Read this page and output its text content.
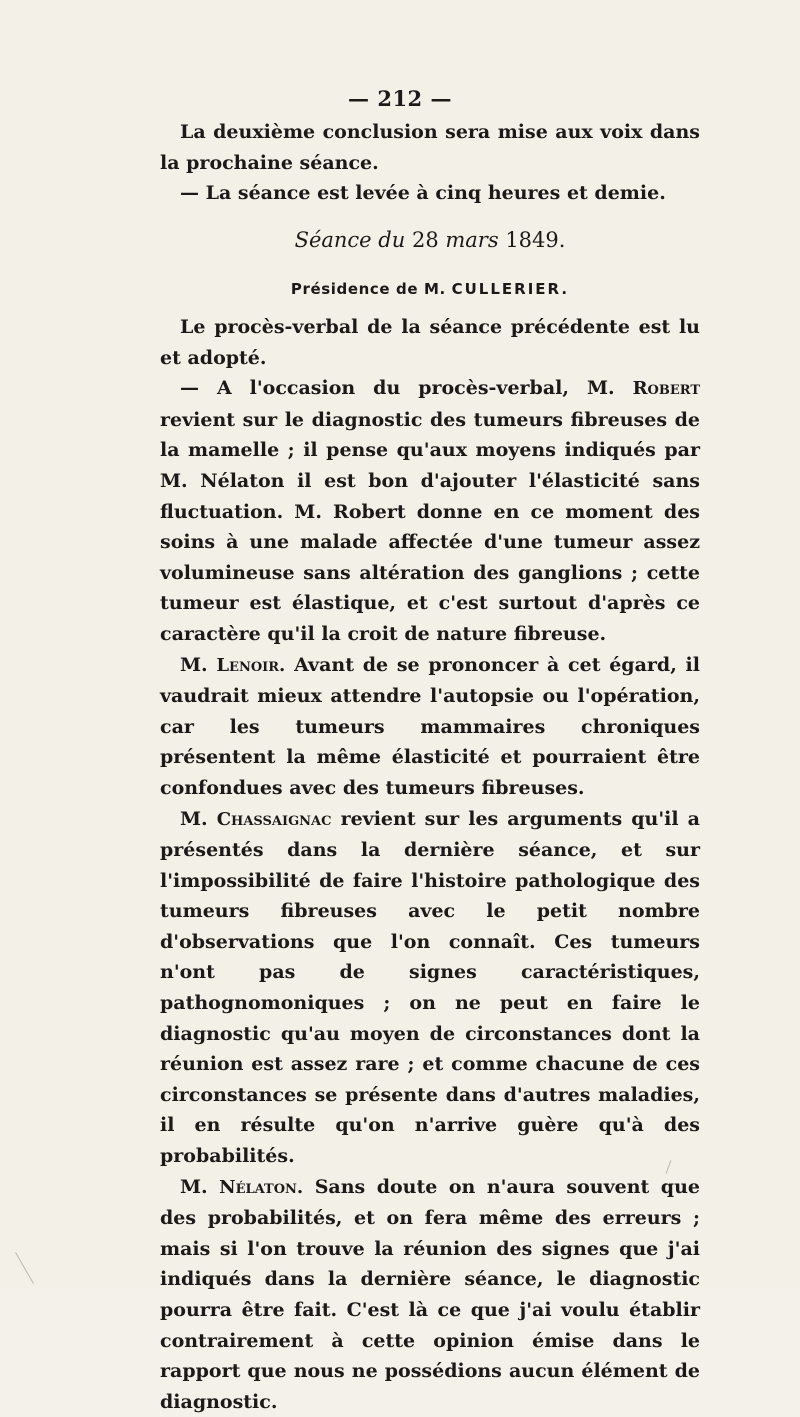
— 212 —

La deuxième conclusion sera mise aux voix dans la prochaine séance.

— La séance est levée à cinq heures et demie.

Séance du 28 mars 1849.
Présidence de M. CULLERIER.

Le procès-verbal de la séance précédente est lu et adopté.

— A l'occasion du procès-verbal, M. Robert revient sur le diagnostic des tumeurs fibreuses de la mamelle ; il pense qu'aux moyens indiqués par M. Nélaton il est bon d'ajouter l'élasticité sans fluctuation. M. Robert donne en ce moment des soins à une malade affectée d'une tumeur assez volumineuse sans altération des ganglions ; cette tumeur est élastique, et c'est surtout d'après ce caractère qu'il la croit de nature fibreuse.

M. Lenoir. Avant de se prononcer à cet égard, il vaudrait mieux attendre l'autopsie ou l'opération, car les tumeurs mammaires chroniques présentent la même élasticité et pourraient être confondues avec des tumeurs fibreuses.

M. Chassaignac revient sur les arguments qu'il a présentés dans la dernière séance, et sur l'impossibilité de faire l'histoire pathologique des tumeurs fibreuses avec le petit nombre d'observations que l'on connaît. Ces tumeurs n'ont pas de signes caractéristiques, pathognomoniques ; on ne peut en faire le diagnostic qu'au moyen de circonstances dont la réunion est assez rare ; et comme chacune de ces circonstances se présente dans d'autres maladies, il en résulte qu'on n'arrive guère qu'à des probabilités.

M. Nélaton. Sans doute on n'aura souvent que des probabilités, et on fera même des erreurs ; mais si l'on trouve la réunion des signes que j'ai indiqués dans la dernière séance, le diagnostic pourra être fait. C'est là ce que j'ai voulu établir contrairement à cette opinion émise dans le rapport que nous ne possédions aucun élément de diagnostic.
